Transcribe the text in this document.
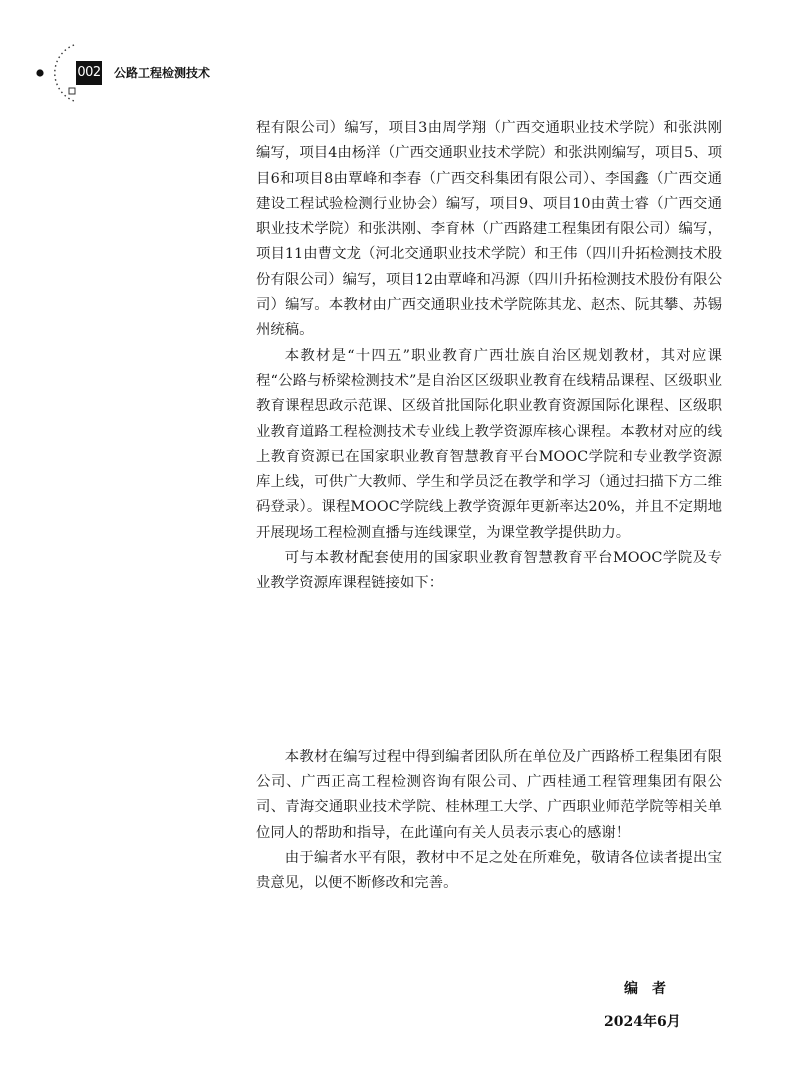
002 公路工程检测技术

程有限公司）编写，项目3由周学翔（广西交通职业技术学院）和张洪刚编写，项目4由杨洋（广西交通职业技术学院）和张洪刚编写，项目5、项目6和项目8由覃峰和李春（广西交科集团有限公司）、李国鑫（广西交通建设工程试验检测行业协会）编写，项目9、项目10由黄士睿（广西交通职业技术学院）和张洪刚、李育林（广西路建工程集团有限公司）编写，项目11由曹文龙（河北交通职业技术学院）和王伟（四川升拓检测技术股份有限公司）编写，项目12由覃峰和冯源（四川升拓检测技术股份有限公司）编写。本教材由广西交通职业技术学院陈其龙、赵杰、阮其攀、苏锡州统稿。

本教材是“十四五”职业教育广西壮族自治区规划教材，其对应课程“公路与桥梁检测技术”是自治区区级职业教育在线精品课程、区级职业教育课程思政示范课、区级首批国际化职业教育资源国际化课程、区级职业教育道路工程检测技术专业线上教学资源库核心课程。本教材对应的线上教育资源已在国家职业教育智慧教育平台MOOC学院和专业教学资源库上线，可供广大教师、学生和学员泛在教学和学习（通过扫描下方二维码登录）。课程MOOC学院线上教学资源年更新率达20%，并且不定期地开展现场工程检测直播与连线课堂，为课堂教学提供助力。

可与本教材配套使用的国家职业教育智慧教育平台MOOC学院及专业教学资源库课程链接如下：

本教材在编写过程中得到编者团队所在单位及广西路桥工程集团有限公司、广西正高工程检测咨询有限公司、广西桂通工程管理集团有限公司、青海交通职业技术学院、桂林理工大学、广西职业师范学院等相关单位同人的帮助和指导，在此谨向有关人员表示衷心的感谢！

由于编者水平有限，教材中不足之处在所难免，敬请各位读者提出宝贵意见，以便不断修改和完善。

编者
2024年6月
